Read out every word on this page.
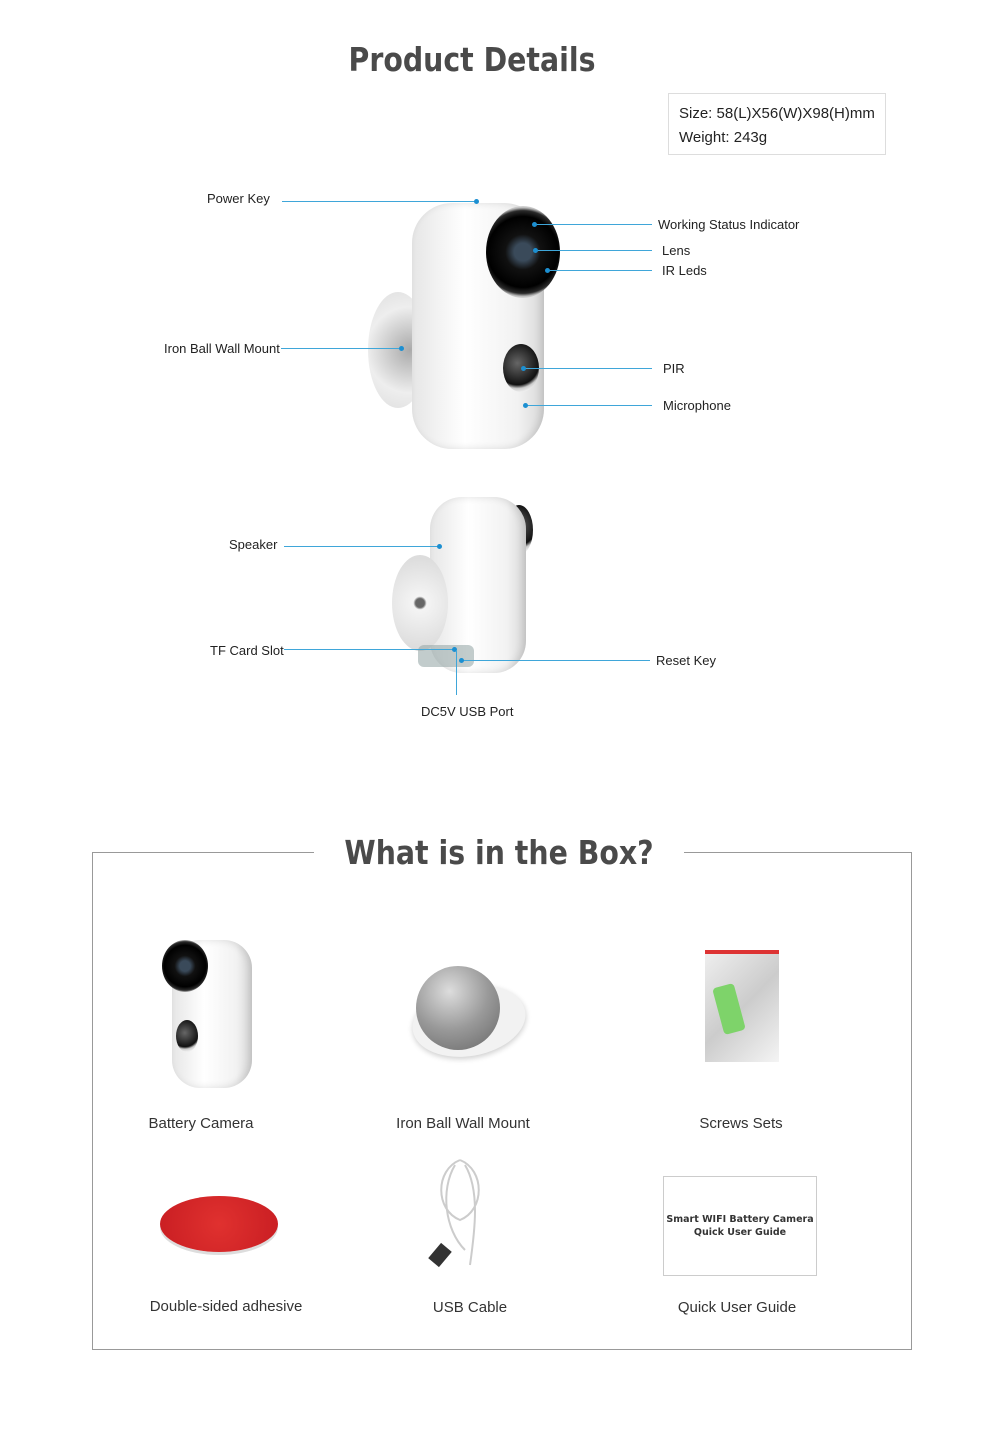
Product Details
Size: 58(L)X56(W)X98(H)mm
Weight: 243g
Power Key
Working Status Indicator
Lens
IR Leds
Iron Ball Wall Mount
PIR
Microphone
Speaker
TF Card Slot
Reset Key
DC5V USB Port
What is in the Box?
Battery Camera	Iron Ball Wall Mount	Screws Sets
Double-sided adhesive	USB Cable
Smart WIFI Battery Camera
Quick User Guide
Quick User Guide
